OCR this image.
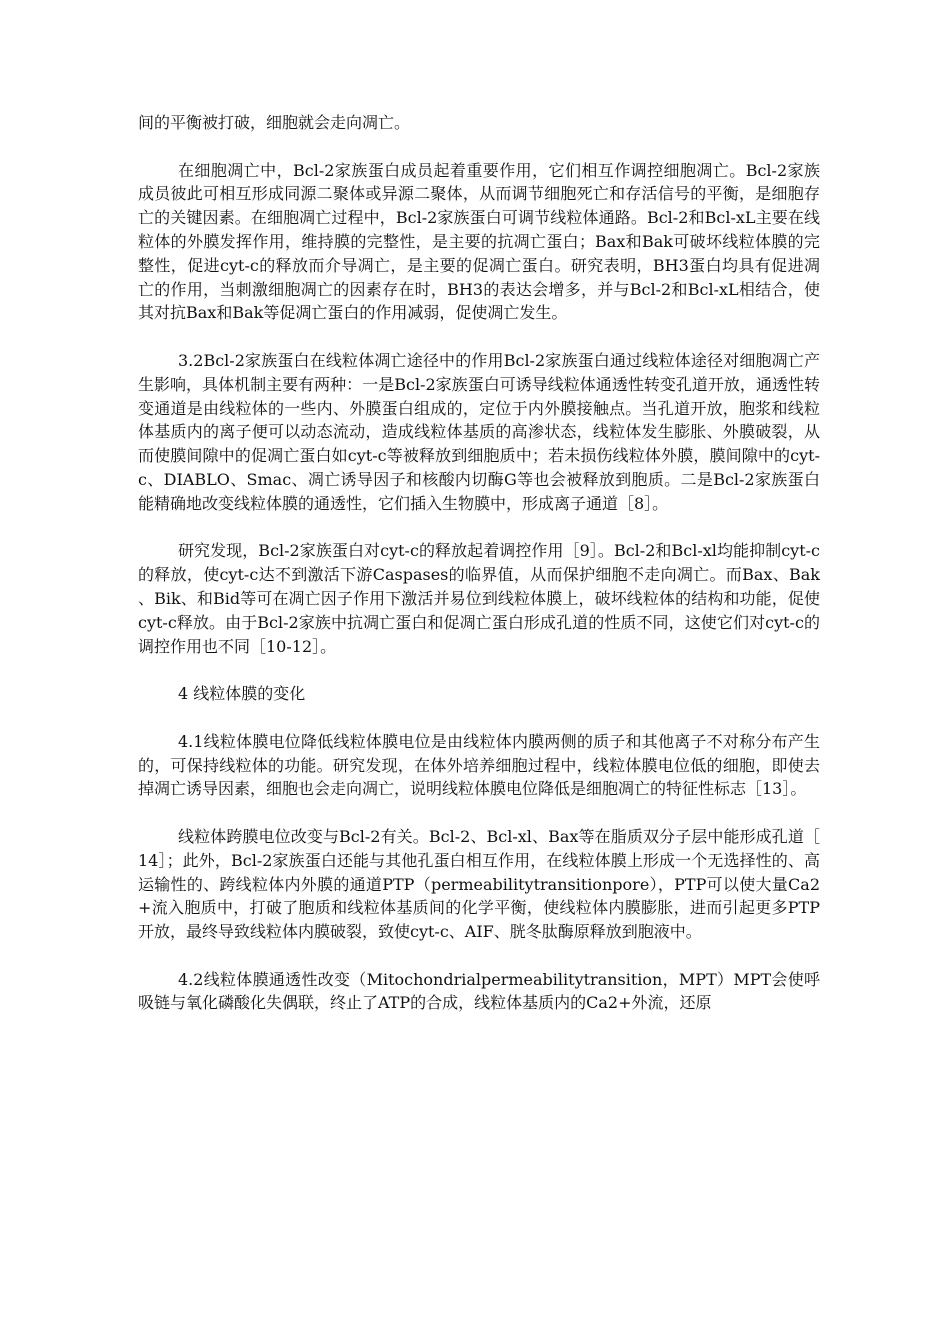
间的平衡被打破，细胞就会走向凋亡。

在细胞凋亡中，Bcl-2家族蛋白成员起着重要作用，它们相互作调控细胞凋亡。Bcl-2家族成员彼此可相互形成同源二聚体或异源二聚体，从而调节细胞死亡和存活信号的平衡，是细胞存亡的关键因素。在细胞凋亡过程中，Bcl-2家族蛋白可调节线粒体通路。Bcl-2和Bcl-xL主要在线粒体的外膜发挥作用，维持膜的完整性，是主要的抗凋亡蛋白；Bax和Bak可破坏线粒体膜的完整性，促进cyt-c的释放而介导凋亡，是主要的促凋亡蛋白。研究表明，BH3蛋白均具有促进凋亡的作用，当刺激细胞凋亡的因素存在时，BH3的表达会增多，并与Bcl-2和Bcl-xL相结合，使其对抗Bax和Bak等促凋亡蛋白的作用减弱，促使凋亡发生。

3.2Bcl-2家族蛋白在线粒体凋亡途径中的作用Bcl-2家族蛋白通过线粒体途径对细胞凋亡产生影响，具体机制主要有两种：一是Bcl-2家族蛋白可诱导线粒体通透性转变孔道开放，通透性转变通道是由线粒体的一些内、外膜蛋白组成的，定位于内外膜接触点。当孔道开放，胞浆和线粒体基质内的离子便可以动态流动，造成线粒体基质的高渗状态，线粒体发生膨胀、外膜破裂，从而使膜间隙中的促凋亡蛋白如cyt-c等被释放到细胞质中；若未损伤线粒体外膜，膜间隙中的cyt-c、DIABLO、Smac、凋亡诱导因子和核酸内切酶G等也会被释放到胞质。二是Bcl-2家族蛋白能精确地改变线粒体膜的通透性，它们插入生物膜中，形成离子通道［8］。

研究发现，Bcl-2家族蛋白对cyt-c的释放起着调控作用［9］。Bcl-2和Bcl-xl均能抑制cyt-c的释放，使cyt-c达不到激活下游Caspases的临界值，从而保护细胞不走向凋亡。而Bax、Bak、Bik、和Bid等可在凋亡因子作用下激活并易位到线粒体膜上，破坏线粒体的结构和功能，促使cyt-c释放。由于Bcl-2家族中抗凋亡蛋白和促凋亡蛋白形成孔道的性质不同，这使它们对cyt-c的调控作用也不同［10-12］。

4 线粒体膜的变化

4.1线粒体膜电位降低线粒体膜电位是由线粒体内膜两侧的质子和其他离子不对称分布产生的，可保持线粒体的功能。研究发现，在体外培养细胞过程中，线粒体膜电位低的细胞，即使去掉凋亡诱导因素，细胞也会走向凋亡，说明线粒体膜电位降低是细胞凋亡的特征性标志［13］。

线粒体跨膜电位改变与Bcl-2有关。Bcl-2、Bcl-xl、Bax等在脂质双分子层中能形成孔道［14］；此外，Bcl-2家族蛋白还能与其他孔蛋白相互作用，在线粒体膜上形成一个无选择性的、高运输性的、跨线粒体内外膜的通道PTP（permeabilitytransitionpore），PTP可以使大量Ca2+流入胞质中，打破了胞质和线粒体基质间的化学平衡，使线粒体内膜膨胀，进而引起更多PTP开放，最终导致线粒体内膜破裂，致使cyt-c、AIF、胱冬肽酶原释放到胞液中。

4.2线粒体膜通透性改变（Mitochondrialpermeabilitytransition，MPT）MPT会使呼吸链与氧化磷酸化失偶联，终止了ATP的合成，线粒体基质内的Ca2+外流，还原
